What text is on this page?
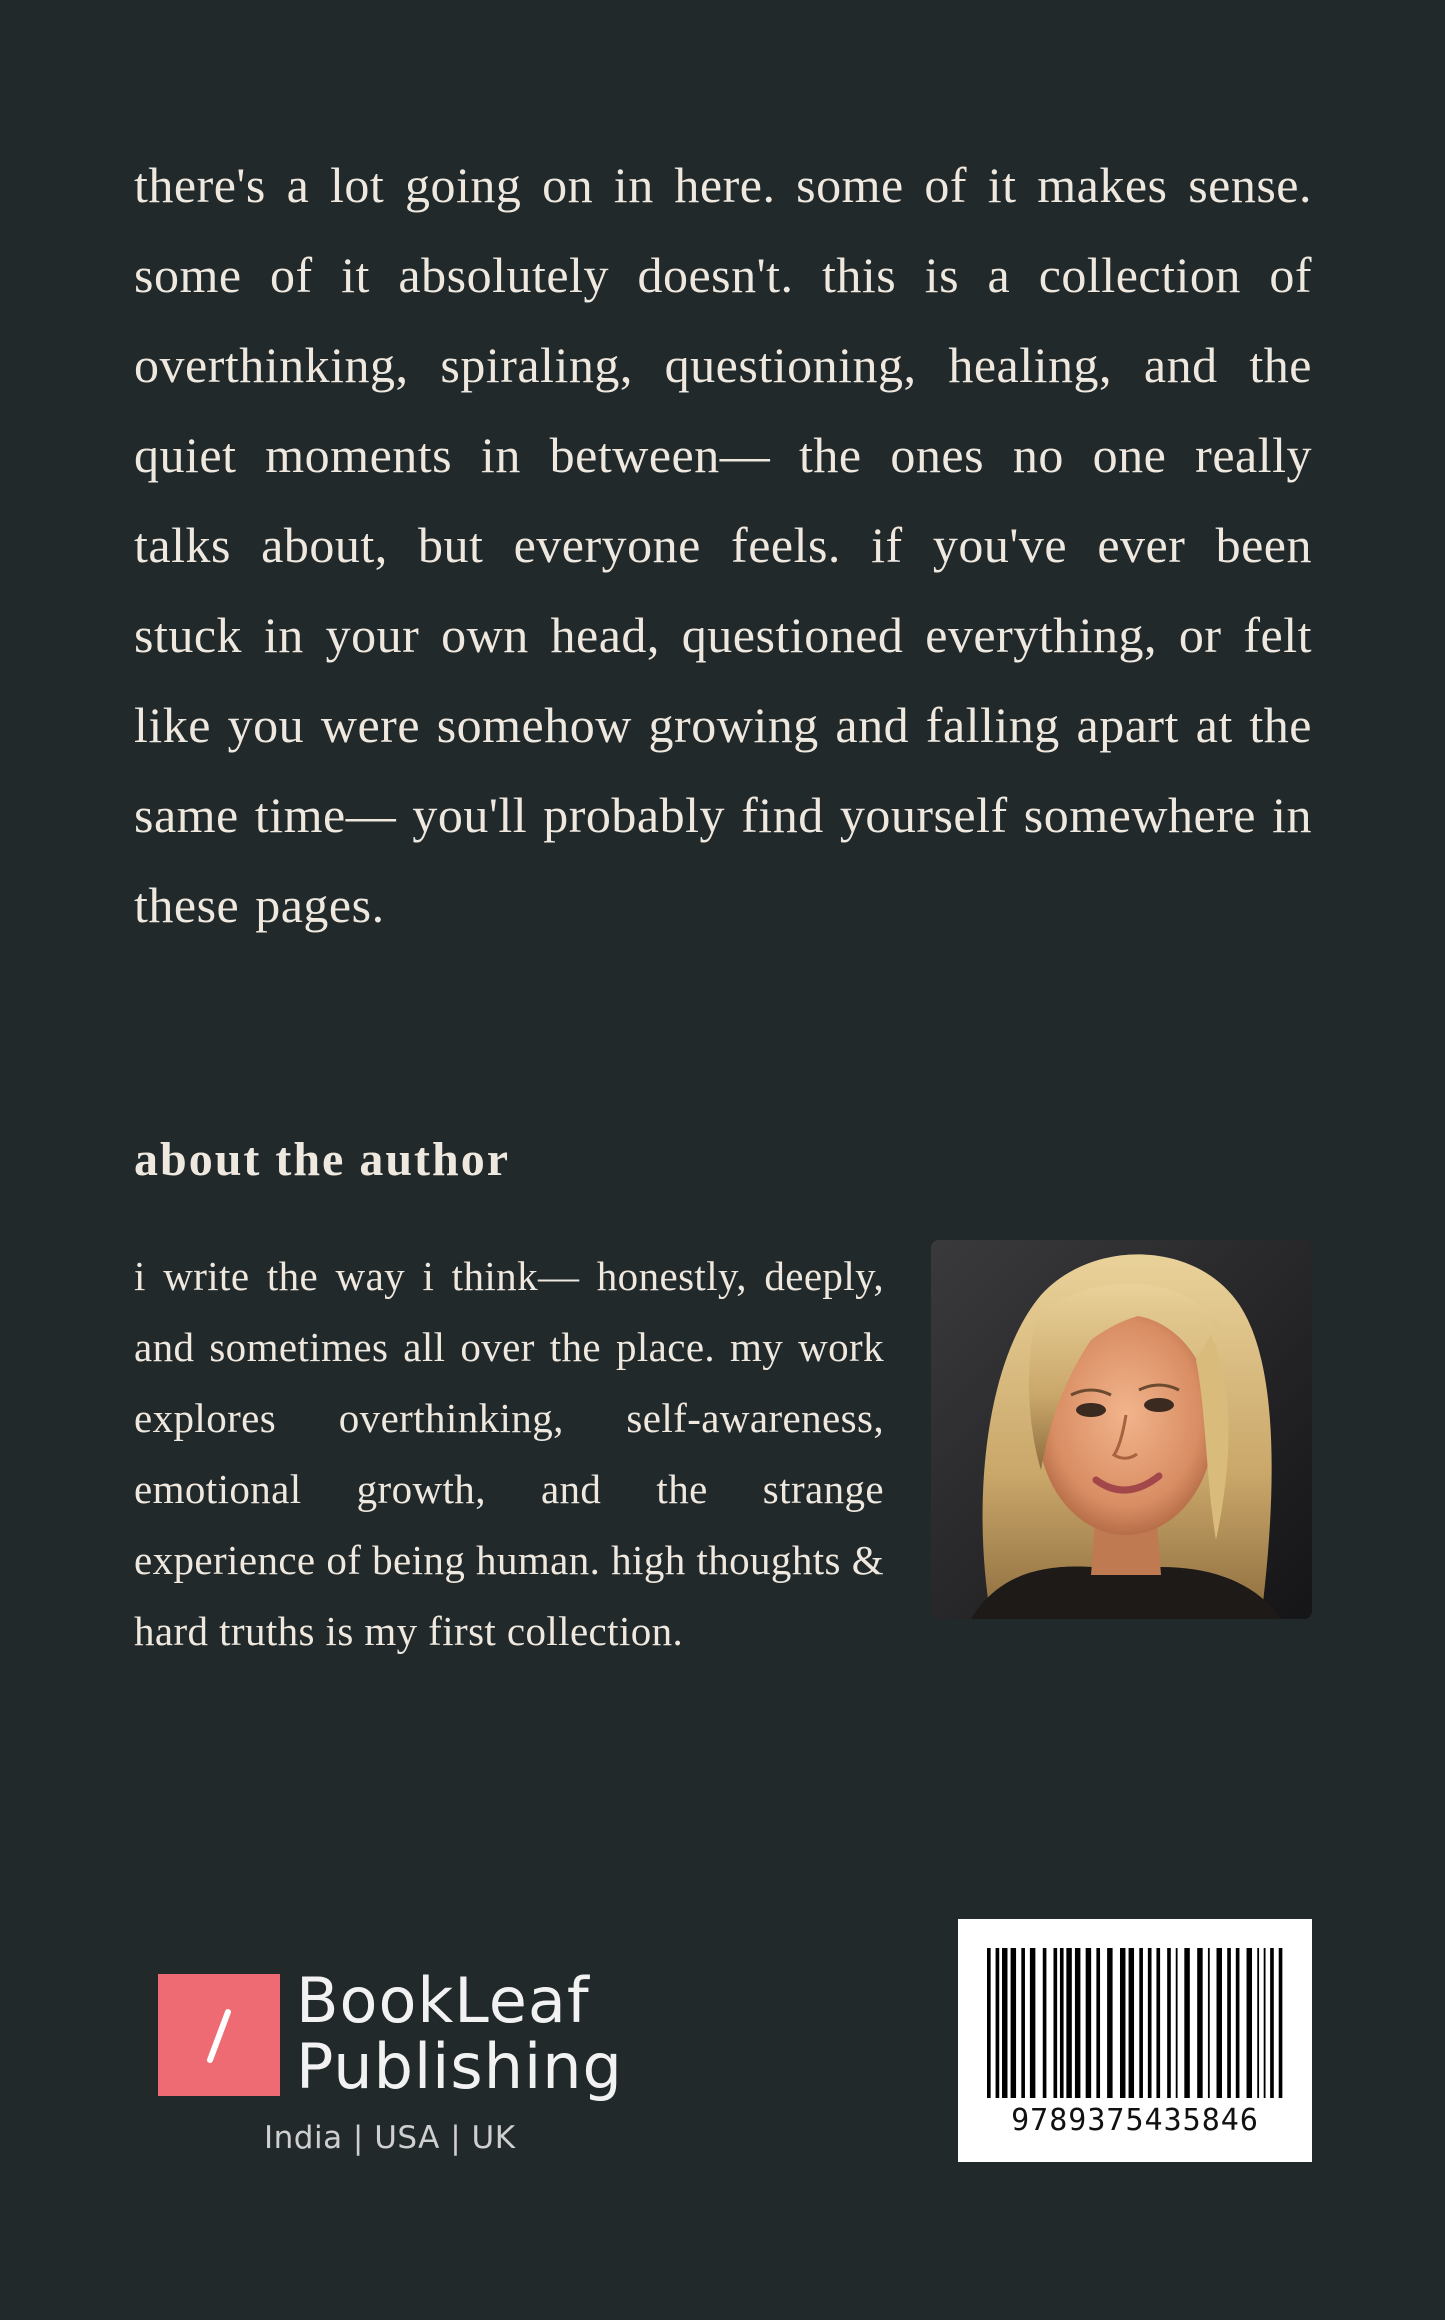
there's a lot going on in here. some of it makes sense. some of it absolutely doesn't. this is a collection of overthinking, spiraling, questioning, healing, and the quiet moments in between— the ones no one really talks about, but everyone feels. if you've ever been stuck in your own head, questioned everything, or felt like you were somehow growing and falling apart at the same time— you'll probably find yourself somewhere in these pages.

about the author

i write the way i think— honestly, deeply, and sometimes all over the place. my work explores overthinking, self-awareness, emotional growth, and the strange experience of being human. high thoughts & hard truths is my first collection.

BookLeaf
Publishing
India | USA | UK	9789375435846
